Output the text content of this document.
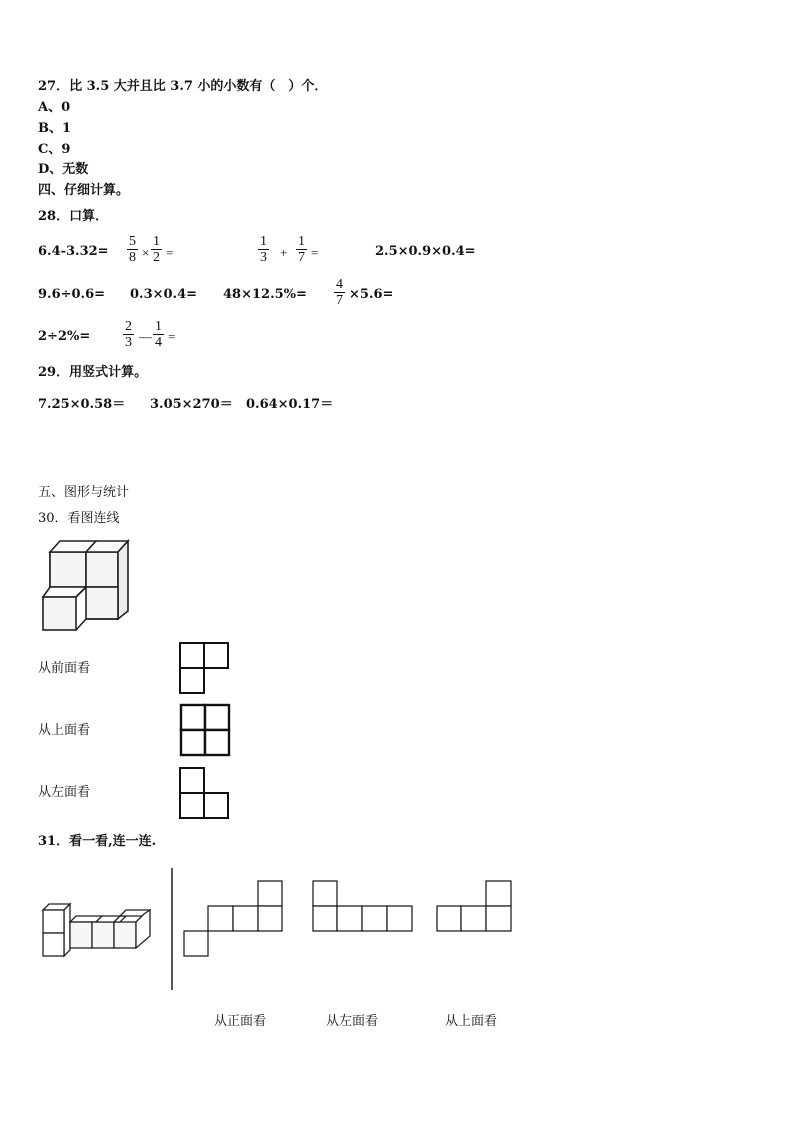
27．比 3.5 大并且比 3.7 小的小数有（　）个．
A、0
B、1
C、9
D、无数
四、仔细计算。
28．口算．
$6.4-3.32= \frac{5}{8} \times \frac{1}{2}$ =	$\frac{1}{3} + \frac{1}{7}$ =	2.5×0.9×0.4=
$9.6\div 0.6= 0.3\times 0.4= 48\times 12.5\%= \frac{4}{7} \times 5.6=$
$2\div 2\%= \frac{2}{3}$ — $\frac{1}{4}$ =
29．用竖式计算。
7.25×0.58＝ 3.05×270＝ 0.64×0.17＝
五、图形与统计
30．看图连线
从前面看
从上面看
从左面看
31．看一看,连一连.
从正面看	从左面看	从上面看
